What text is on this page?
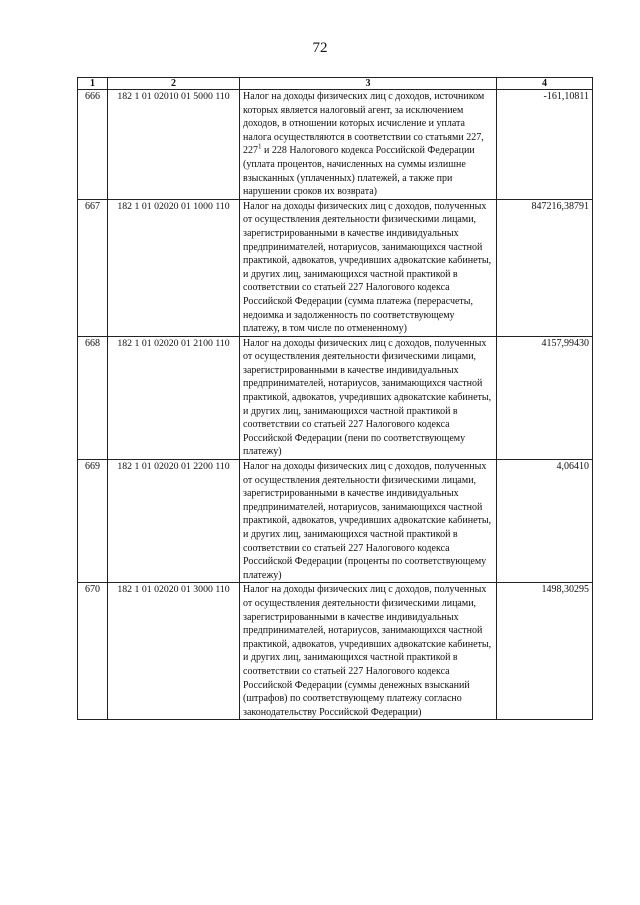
72
1	2	3	4
666	182 1 01 02010 01 5000 110	Налог на доходы физических лиц с доходов, источником которых является налоговый агент, за исключением доходов, в отношении которых исчисление и уплата налога осуществляются в соответствии со статьями 227, $227^1$ и 228 Налогового кодекса Российской Федерации (уплата процентов, начисленных на суммы излишне взысканных (уплаченных) платежей, а также при нарушении сроков их возврата)	-161,10811
667	182 1 01 02020 01 1000 110	Налог на доходы физических лиц с доходов, полученных от осуществления деятельности физическими лицами, зарегистрированными в качестве индивидуальных предпринимателей, нотариусов, занимающихся частной практикой, адвокатов, учредивших адвокатские кабинеты, и других лиц, занимающихся частной практикой в соответствии со статьей 227 Налогового кодекса Российской Федерации (сумма платежа (перерасчеты, недоимка и задолженность по соответствующему платежу, в том числе по отмененному)	847216,38791
668	182 1 01 02020 01 2100 110	Налог на доходы физических лиц с доходов, полученных от осуществления деятельности физическими лицами, зарегистрированными в качестве индивидуальных предпринимателей, нотариусов, занимающихся частной практикой, адвокатов, учредивших адвокатские кабинеты, и других лиц, занимающихся частной практикой в соответствии со статьей 227 Налогового кодекса Российской Федерации (пени по соответствующему платежу)	4157,99430
669	182 1 01 02020 01 2200 110	Налог на доходы физических лиц с доходов, полученных от осуществления деятельности физическими лицами, зарегистрированными в качестве индивидуальных предпринимателей, нотариусов, занимающихся частной практикой, адвокатов, учредивших адвокатские кабинеты, и других лиц, занимающихся частной практикой в соответствии со статьей 227 Налогового кодекса Российской Федерации (проценты по соответствующему платежу)	4,06410
670	182 1 01 02020 01 3000 110	Налог на доходы физических лиц с доходов, полученных от осуществления деятельности физическими лицами, зарегистрированными в качестве индивидуальных предпринимателей, нотариусов, занимающихся частной практикой, адвокатов, учредивших адвокатские кабинеты, и других лиц, занимающихся частной практикой в соответствии со статьей 227 Налогового кодекса Российской Федерации (суммы денежных взысканий (штрафов) по соответствующему платежу согласно законодательству Российской Федерации)	1498,30295
